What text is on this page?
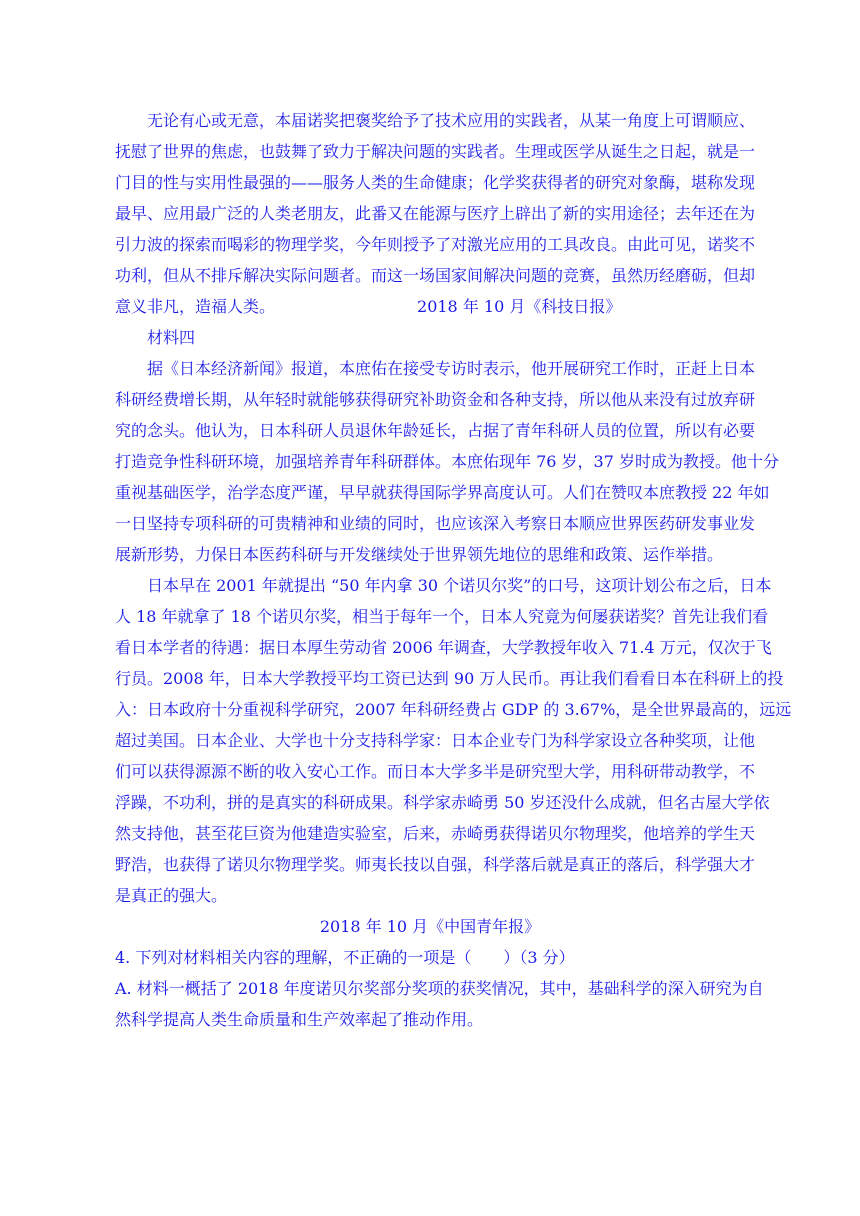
无论有心或无意，本届诺奖把褒奖给予了技术应用的实践者，从某一角度上可谓顺应、
抚慰了世界的焦虑，也鼓舞了致力于解决问题的实践者。生理或医学从诞生之日起，就是一
门目的性与实用性最强的——服务人类的生命健康；化学奖获得者的研究对象酶，堪称发现
最早、应用最广泛的人类老朋友，此番又在能源与医疗上辟出了新的实用途径；去年还在为
引力波的探索而喝彩的物理学奖，今年则授予了对激光应用的工具改良。由此可见，诺奖不
功利，但从不排斥解决实际问题者。而这一场国家间解决问题的竞赛，虽然历经磨砺，但却
意义非凡，造福人类。	2018 年 10 月《科技日报》
材料四
据《日本经济新闻》报道，本庶佑在接受专访时表示，他开展研究工作时，正赶上日本
科研经费增长期，从年轻时就能够获得研究补助资金和各种支持，所以他从来没有过放弃研
究的念头。他认为，日本科研人员退休年龄延长，占据了青年科研人员的位置，所以有必要
打造竞争性科研环境，加强培养青年科研群体。本庶佑现年 76 岁，37 岁时成为教授。他十分
重视基础医学，治学态度严谨，早早就获得国际学界高度认可。人们在赞叹本庶教授 22 年如
一日坚持专项科研的可贵精神和业绩的同时，也应该深入考察日本顺应世界医药研发事业发
展新形势，力保日本医药科研与开发继续处于世界领先地位的思维和政策、运作举措。
日本早在 2001 年就提出 “50 年内拿 30 个诺贝尔奖”的口号，这项计划公布之后，日本
人 18 年就拿了 18 个诺贝尔奖，相当于每年一个，日本人究竟为何屡获诺奖？首先让我们看
看日本学者的待遇：据日本厚生劳动省 2006 年调查，大学教授年收入 71.4 万元，仅次于飞
行员。2008 年，日本大学教授平均工资已达到 90 万人民币。再让我们看看日本在科研上的投
入：日本政府十分重视科学研究，2007 年科研经费占 GDP 的 3.67%，是全世界最高的，远远
超过美国。日本企业、大学也十分支持科学家：日本企业专门为科学家设立各种奖项，让他
们可以获得源源不断的收入安心工作。而日本大学多半是研究型大学，用科研带动教学，不
浮躁，不功利，拼的是真实的科研成果。科学家赤崎勇 50 岁还没什么成就，但名古屋大学依
然支持他，甚至花巨资为他建造实验室，后来，赤崎勇获得诺贝尔物理奖，他培养的学生天
野浩，也获得了诺贝尔物理学奖。师夷长技以自强，科学落后就是真正的落后，科学强大才
是真正的强大。
2018 年 10 月《中国青年报》
4. 下列对材料相关内容的理解，不正确的一项是（　　）（3 分）
A. 材料一概括了 2018 年度诺贝尔奖部分奖项的获奖情况，其中，基础科学的深入研究为自
然科学提高人类生命质量和生产效率起了推动作用。
